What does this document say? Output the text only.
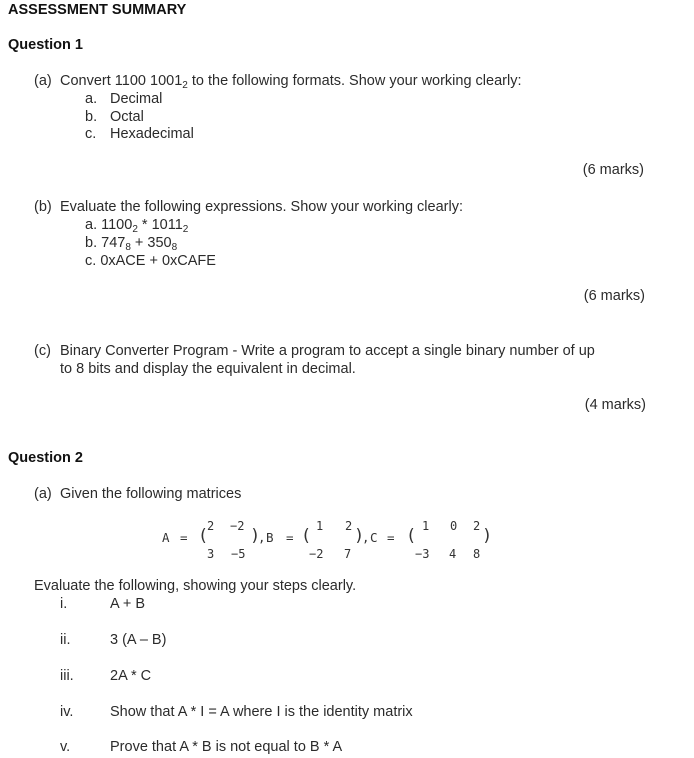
ASSESSMENT SUMMARY
Question 1
(a) Convert 1100 $1001_2$ to the following formats. Show your working clearly:
a. Decimal
b. Octal
c. Hexadecimal
(6 marks)
(b) Evaluate the following expressions. Show your working clearly:
a. $1100_2 * 1011_2$
b. $747_8 + 350_8$
c. 0xACE + 0xCAFE
(6 marks)
(c) Binary Converter Program - Write a program to accept a single binary number of up
to 8 bits and display the equivalent in decimal.
(4 marks)
Question 2
(a) Given the following matrices
A = (
2 −2 )
3 −5
, B = ( 1 2 )
−2 7
, C = ( 1 0 2 )
−3 4 8
Evaluate the following, showing your steps clearly.
i.	A + B
ii.	3 (A – B)
iii.	2A * C
iv.	Show that A * I = A where I is the identity matrix
v.	Prove that A * B is not equal to B * A
